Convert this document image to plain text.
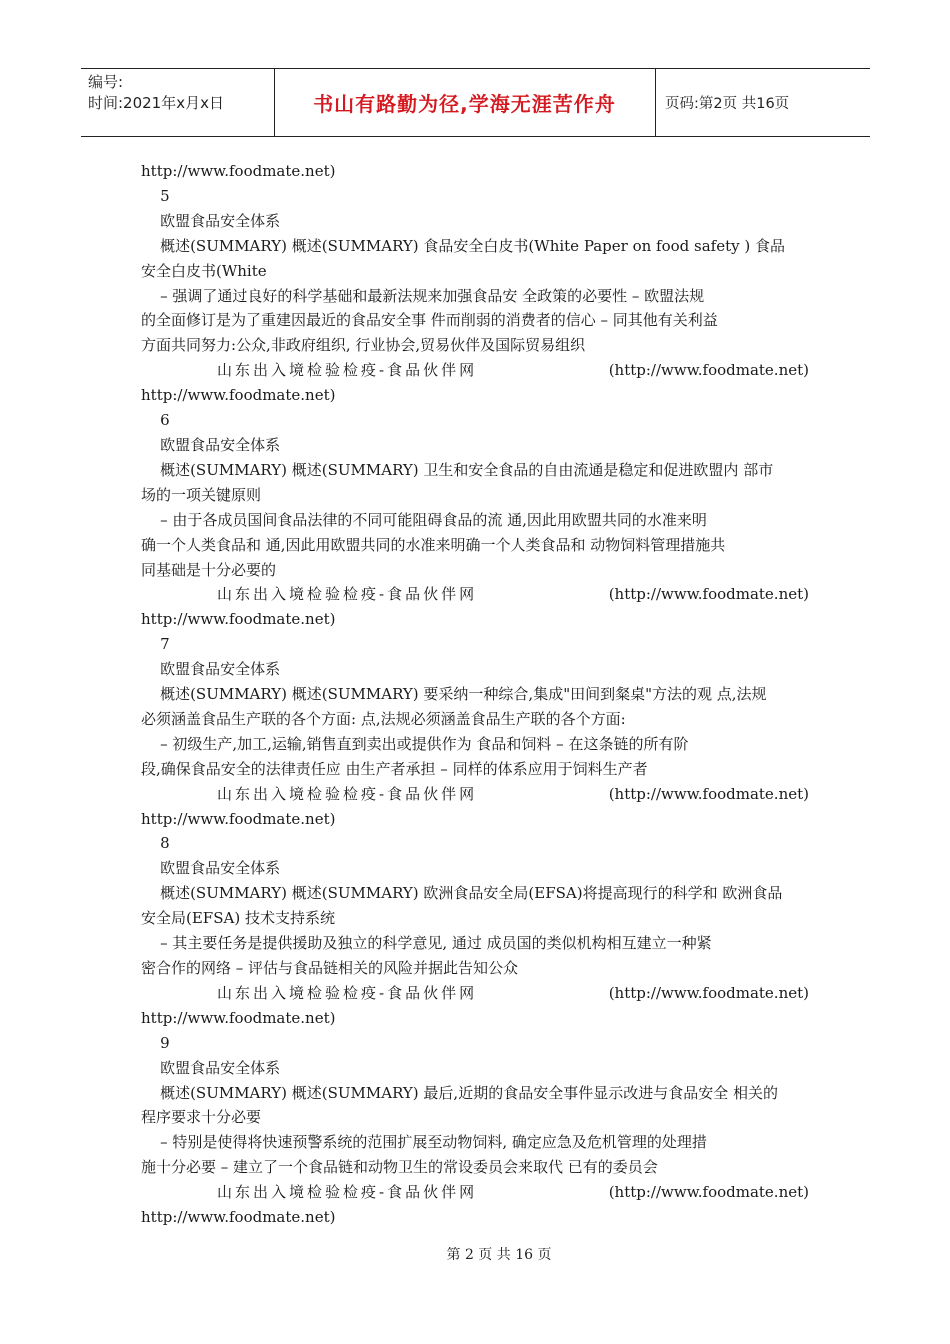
编号:
时间:2021年x月x日	书山有路勤为径,学海无涯苦作舟	页码:第2页 共16页
http://www.foodmate.net)
5
欧盟食品安全体系
概述(SUMMARY) 概述(SUMMARY) 食品安全白皮书(White Paper on food safety ) 食品
安全白皮书(White
– 强调了通过良好的科学基础和最新法规来加强食品安 全政策的必要性 – 欧盟法规
的全面修订是为了重建因最近的食品安全事 件而削弱的消费者的信心 – 同其他有关利益
方面共同努力:公众,非政府组织, 行业协会,贸易伙伴及国际贸易组织
山东出入境检验检疫-食品伙伴网	(http://www.foodmate.net)
http://www.foodmate.net)
6
欧盟食品安全体系
概述(SUMMARY) 概述(SUMMARY) 卫生和安全食品的自由流通是稳定和促进欧盟内 部市
场的一项关键原则
– 由于各成员国间食品法律的不同可能阻碍食品的流 通,因此用欧盟共同的水准来明
确一个人类食品和 通,因此用欧盟共同的水准来明确一个人类食品和 动物饲料管理措施共
同基础是十分必要的
山东出入境检验检疫-食品伙伴网	(http://www.foodmate.net)
http://www.foodmate.net)
7
欧盟食品安全体系
概述(SUMMARY) 概述(SUMMARY) 要采纳一种综合,集成"田间到粲桌"方法的观 点,法规
必须涵盖食品生产联的各个方面: 点,法规必须涵盖食品生产联的各个方面:
– 初级生产,加工,运输,销售直到卖出或提供作为 食品和饲料 – 在这条链的所有阶
段,确保食品安全的法律责任应 由生产者承担 – 同样的体系应用于饲料生产者
山东出入境检验检疫-食品伙伴网	(http://www.foodmate.net)
http://www.foodmate.net)
8
欧盟食品安全体系
概述(SUMMARY) 概述(SUMMARY) 欧洲食品安全局(EFSA)将提高现行的科学和 欧洲食品
安全局(EFSA) 技术支持系统
– 其主要任务是提供援助及独立的科学意见, 通过 成员国的类似机构相互建立一种紧
密合作的网络 – 评估与食品链相关的风险并据此告知公众
山东出入境检验检疫-食品伙伴网	(http://www.foodmate.net)
http://www.foodmate.net)
9
欧盟食品安全体系
概述(SUMMARY) 概述(SUMMARY) 最后,近期的食品安全事件显示改进与食品安全 相关的
程序要求十分必要
– 特别是使得将快速预警系统的范围扩展至动物饲料, 确定应急及危机管理的处理措
施十分必要 – 建立了一个食品链和动物卫生的常设委员会来取代 已有的委员会
山东出入境检验检疫-食品伙伴网	(http://www.foodmate.net)
http://www.foodmate.net)
第 2 页 共 16 页
